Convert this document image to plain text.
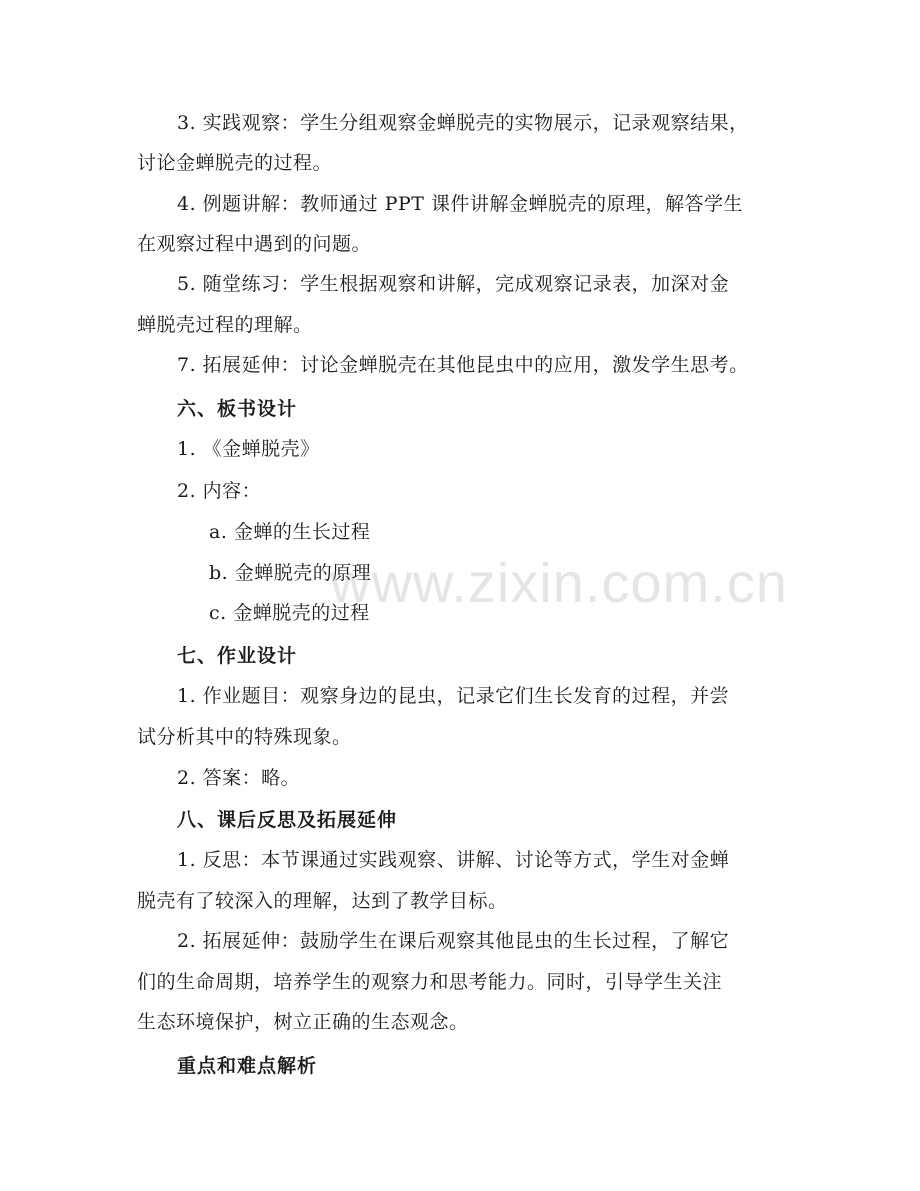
www.zixin.com.cn
3. 实践观察：学生分组观察金蝉脱壳的实物展示，记录观察结果，
讨论金蝉脱壳的过程。
4. 例题讲解：教师通过 PPT 课件讲解金蝉脱壳的原理，解答学生
在观察过程中遇到的问题。
5. 随堂练习：学生根据观察和讲解，完成观察记录表，加深对金
蝉脱壳过程的理解。
7. 拓展延伸：讨论金蝉脱壳在其他昆虫中的应用，激发学生思考。
六、板书设计
1. 《金蝉脱壳》
2. 内容：
a. 金蝉的生长过程
b. 金蝉脱壳的原理
c. 金蝉脱壳的过程
七、作业设计
1. 作业题目：观察身边的昆虫，记录它们生长发育的过程，并尝
试分析其中的特殊现象。
2. 答案：略。
八、课后反思及拓展延伸
1. 反思：本节课通过实践观察、讲解、讨论等方式，学生对金蝉
脱壳有了较深入的理解，达到了教学目标。
2. 拓展延伸：鼓励学生在课后观察其他昆虫的生长过程，了解它
们的生命周期，培养学生的观察力和思考能力。同时，引导学生关注
生态环境保护，树立正确的生态观念。
重点和难点解析
